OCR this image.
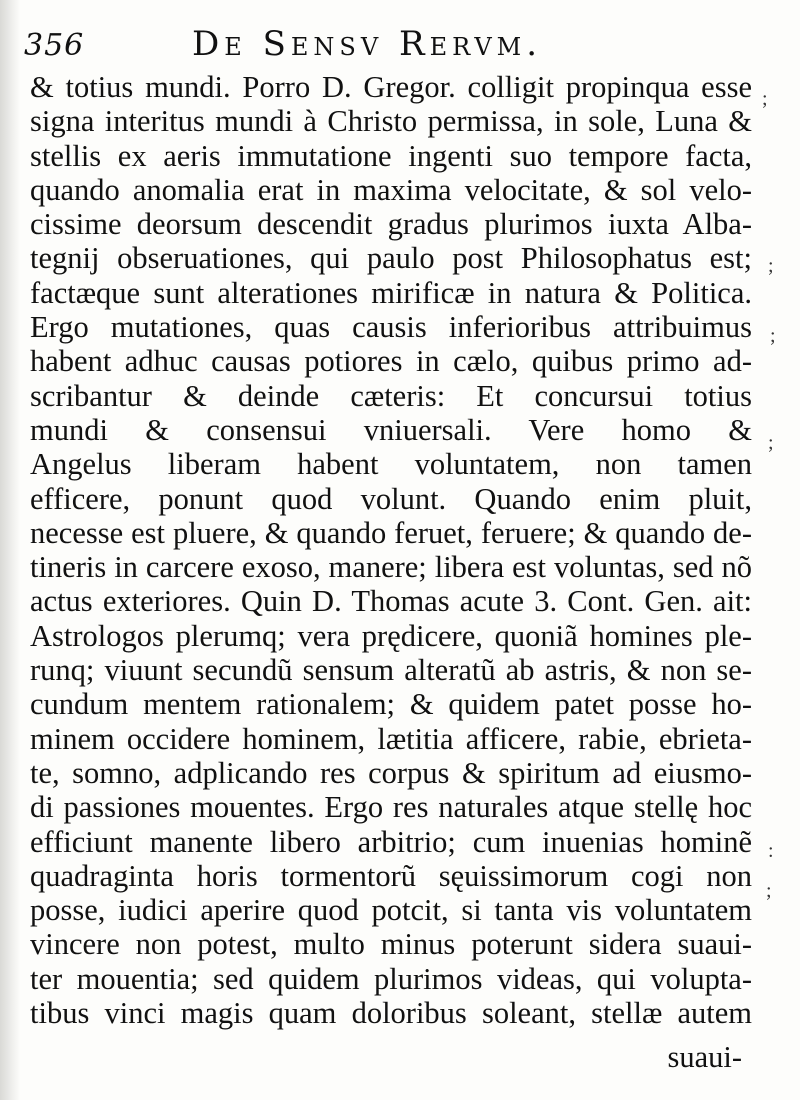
356	De Sensv Rervm.
& totius mundi. Porro D. Gregor. colligit propinqua esse
signa interitus mundi à Christo permissa, in sole, Luna &
stellis ex aeris immutatione ingenti suo tempore facta,
quando anomalia erat in maxima velocitate, & sol velo-
cissime deorsum descendit gradus plurimos iuxta Alba-
tegnij obseruationes, qui paulo post Philosophatus est;
factæque sunt alterationes mirificæ in natura & Politica.
Ergo mutationes, quas causis inferioribus attribuimus
habent adhuc causas potiores in cælo, quibus primo ad-
scribantur & deinde cæteris: Et concursui totius
mundi & consensui vniuersali. Vere homo &
Angelus liberam habent voluntatem, non tamen
efficere, ponunt quod volunt. Quando enim pluit,
necesse est pluere, & quando feruet, feruere; & quando de-
tineris in carcere exoso, manere; libera est voluntas, sed nõ
actus exteriores. Quin D. Thomas acute 3. Cont. Gen. ait:
Astrologos plerumq; vera prędicere, quoniã homines ple-
runq; viuunt secundũ sensum alteratũ ab astris, & non se-
cundum mentem rationalem; & quidem patet posse ho-
minem occidere hominem, lætitia afficere, rabie, ebrieta-
te, somno, adplicando res corpus & spiritum ad eiusmo-
di passiones mouentes. Ergo res naturales atque stellę hoc
efficiunt manente libero arbitrio; cum inuenias hominẽ
quadraginta horis tormentorũ sęuissimorum cogi non
posse, iudici aperire quod potcit, si tanta vis voluntatem
vincere non potest, multo minus poterunt sidera suaui-
ter mouentia; sed quidem plurimos videas, qui volupta-
tibus vinci magis quam doloribus soleant, stellæ autem
suaui-
;
;
;
;
:
;
